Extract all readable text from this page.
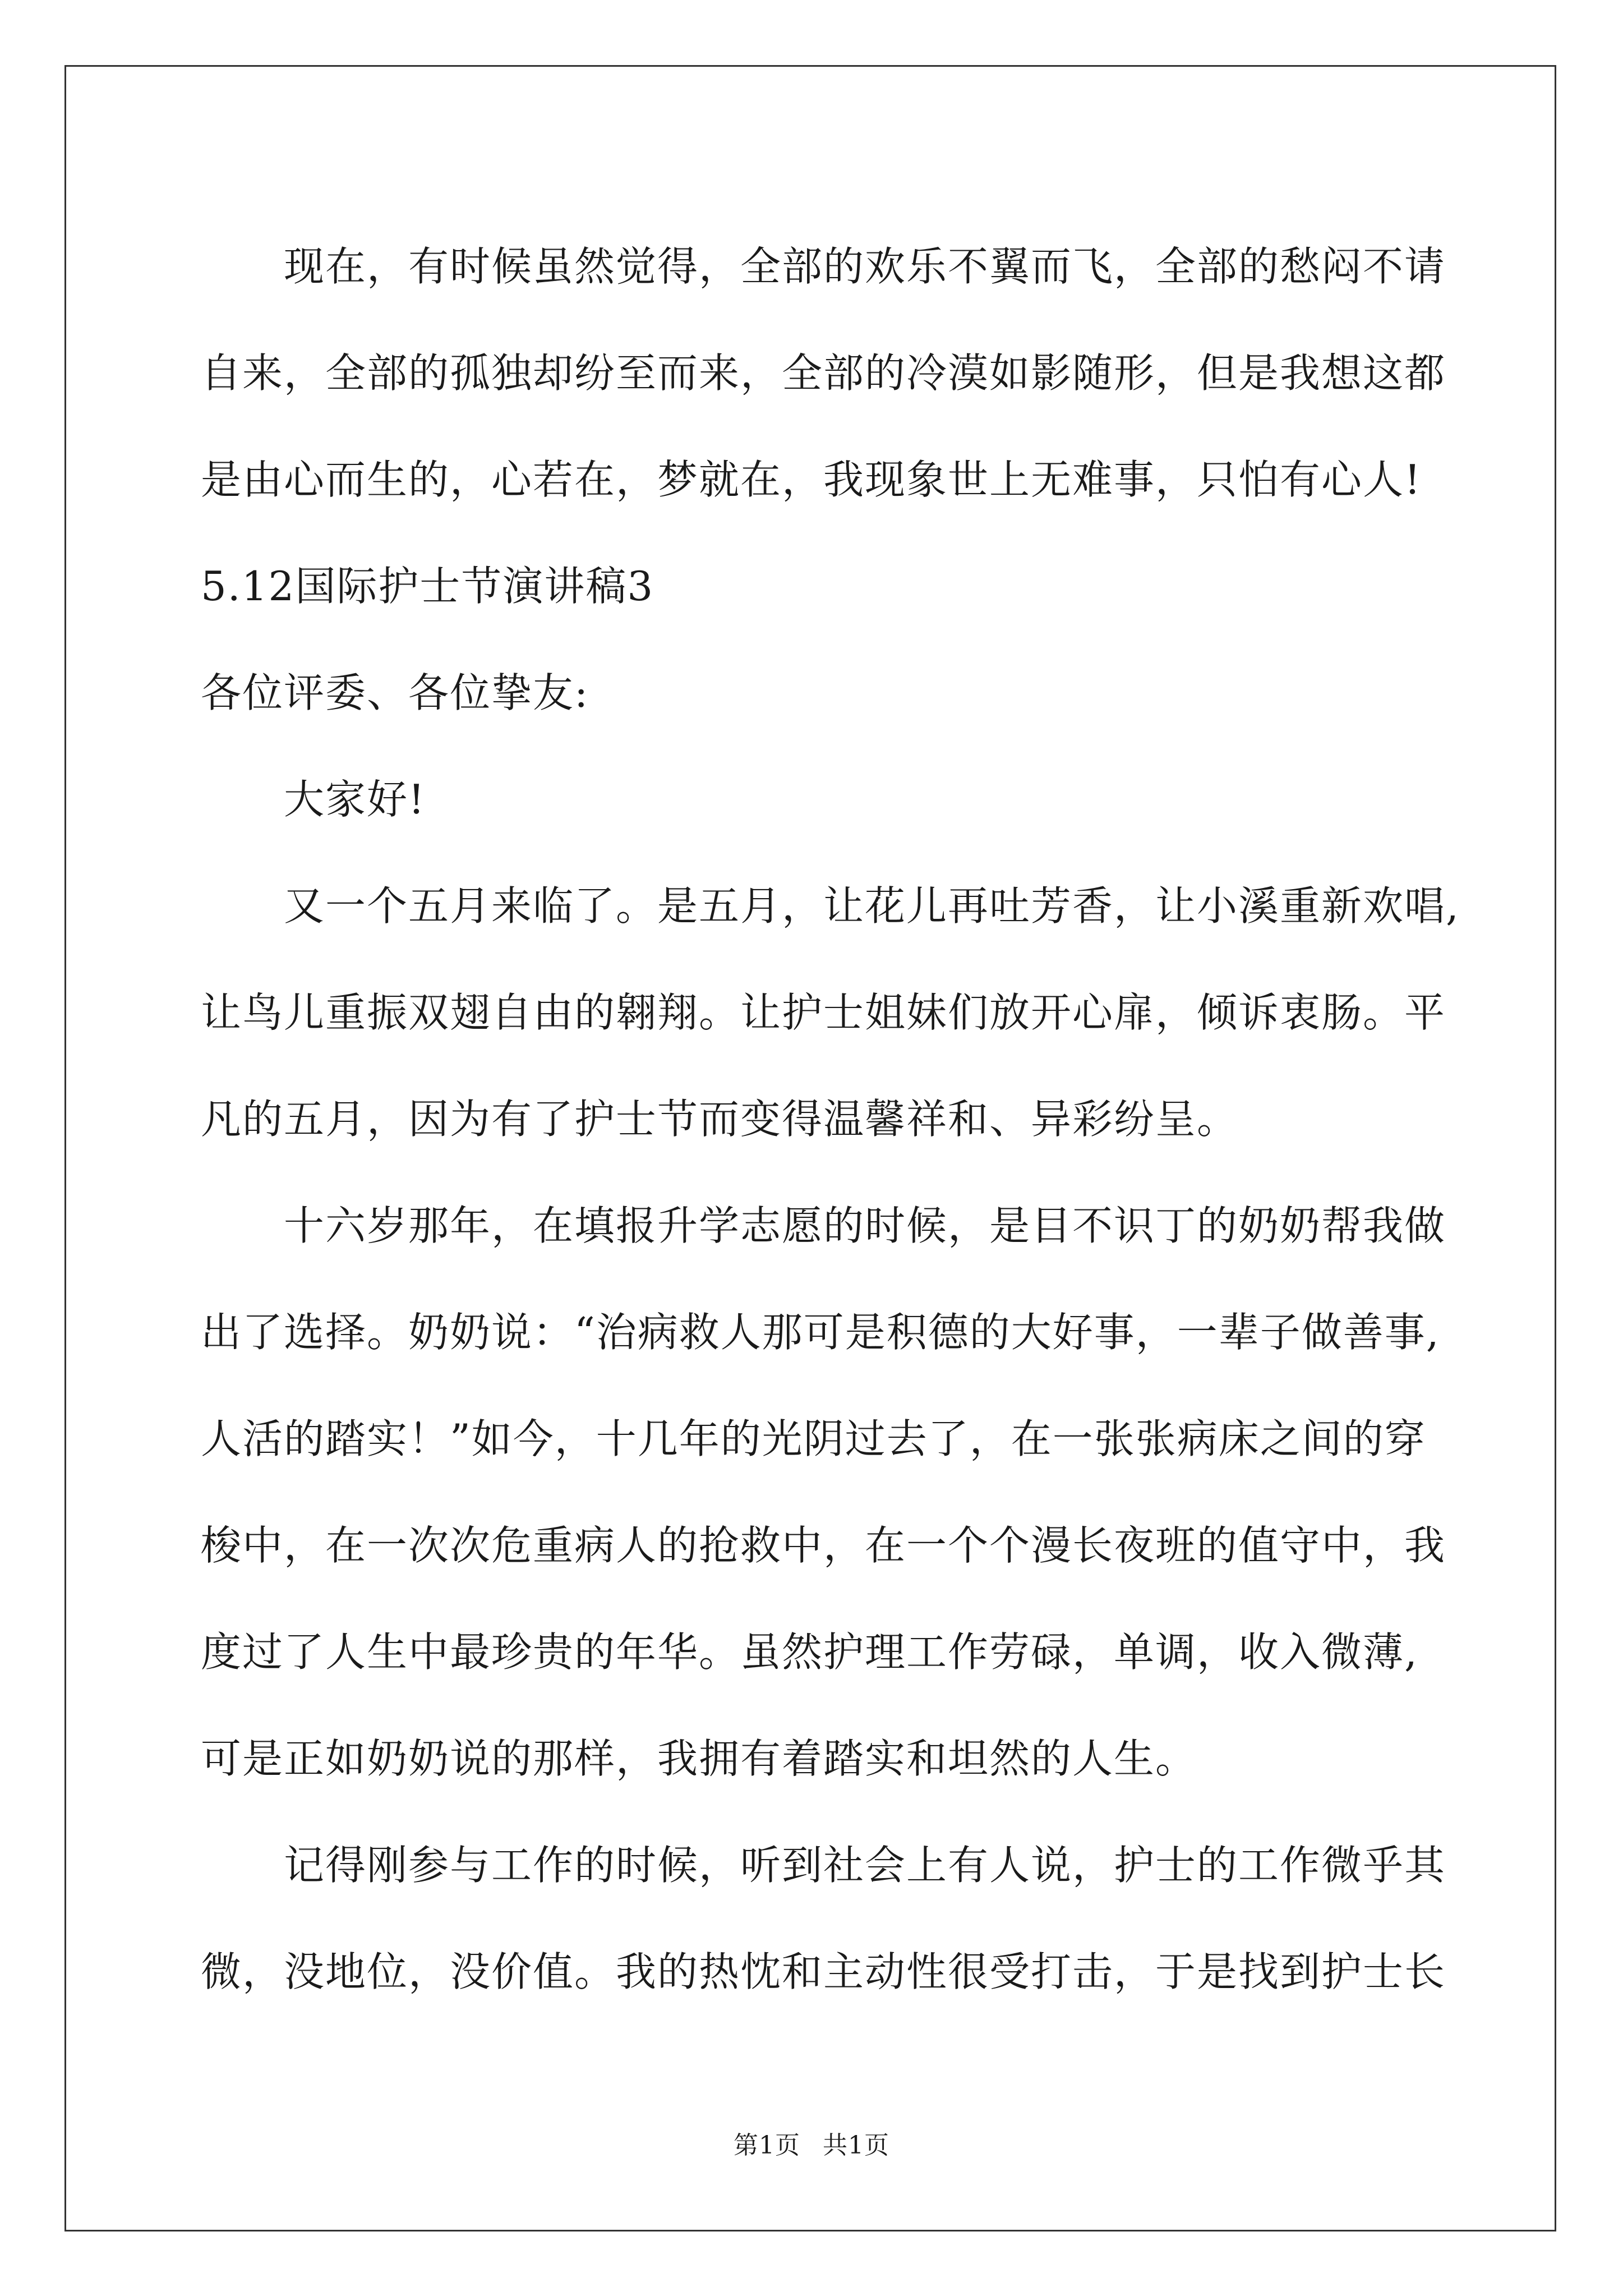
现在，有时候虽然觉得，全部的欢乐不翼而飞，全部的愁闷不请
自来，全部的孤独却纷至而来，全部的冷漠如影随形，但是我想这都
是由心而生的，心若在，梦就在，我现象世上无难事，只怕有心人!
5.12国际护士节演讲稿3
各位评委、各位挚友:
大家好!
又一个五月来临了。是五月，让花儿再吐芳香，让小溪重新欢唱,
让鸟儿重振双翅自由的翱翔。让护士姐妹们放开心扉，倾诉衷肠。平
凡的五月，因为有了护士节而变得温馨祥和、异彩纷呈。
十六岁那年，在填报升学志愿的时候，是目不识丁的奶奶帮我做
出了选择。奶奶说：“治病救人那可是积德的大好事，一辈子做善事,
人活的踏实！”如今，十几年的光阴过去了，在一张张病床之间的穿
梭中，在一次次危重病人的抢救中，在一个个漫长夜班的值守中，我
度过了人生中最珍贵的年华。虽然护理工作劳碌，单调，收入微薄,
可是正如奶奶说的那样，我拥有着踏实和坦然的人生。
记得刚参与工作的时候，听到社会上有人说，护士的工作微乎其
微，没地位，没价值。我的热忱和主动性很受打击，于是找到护士长
第1页 共1页
